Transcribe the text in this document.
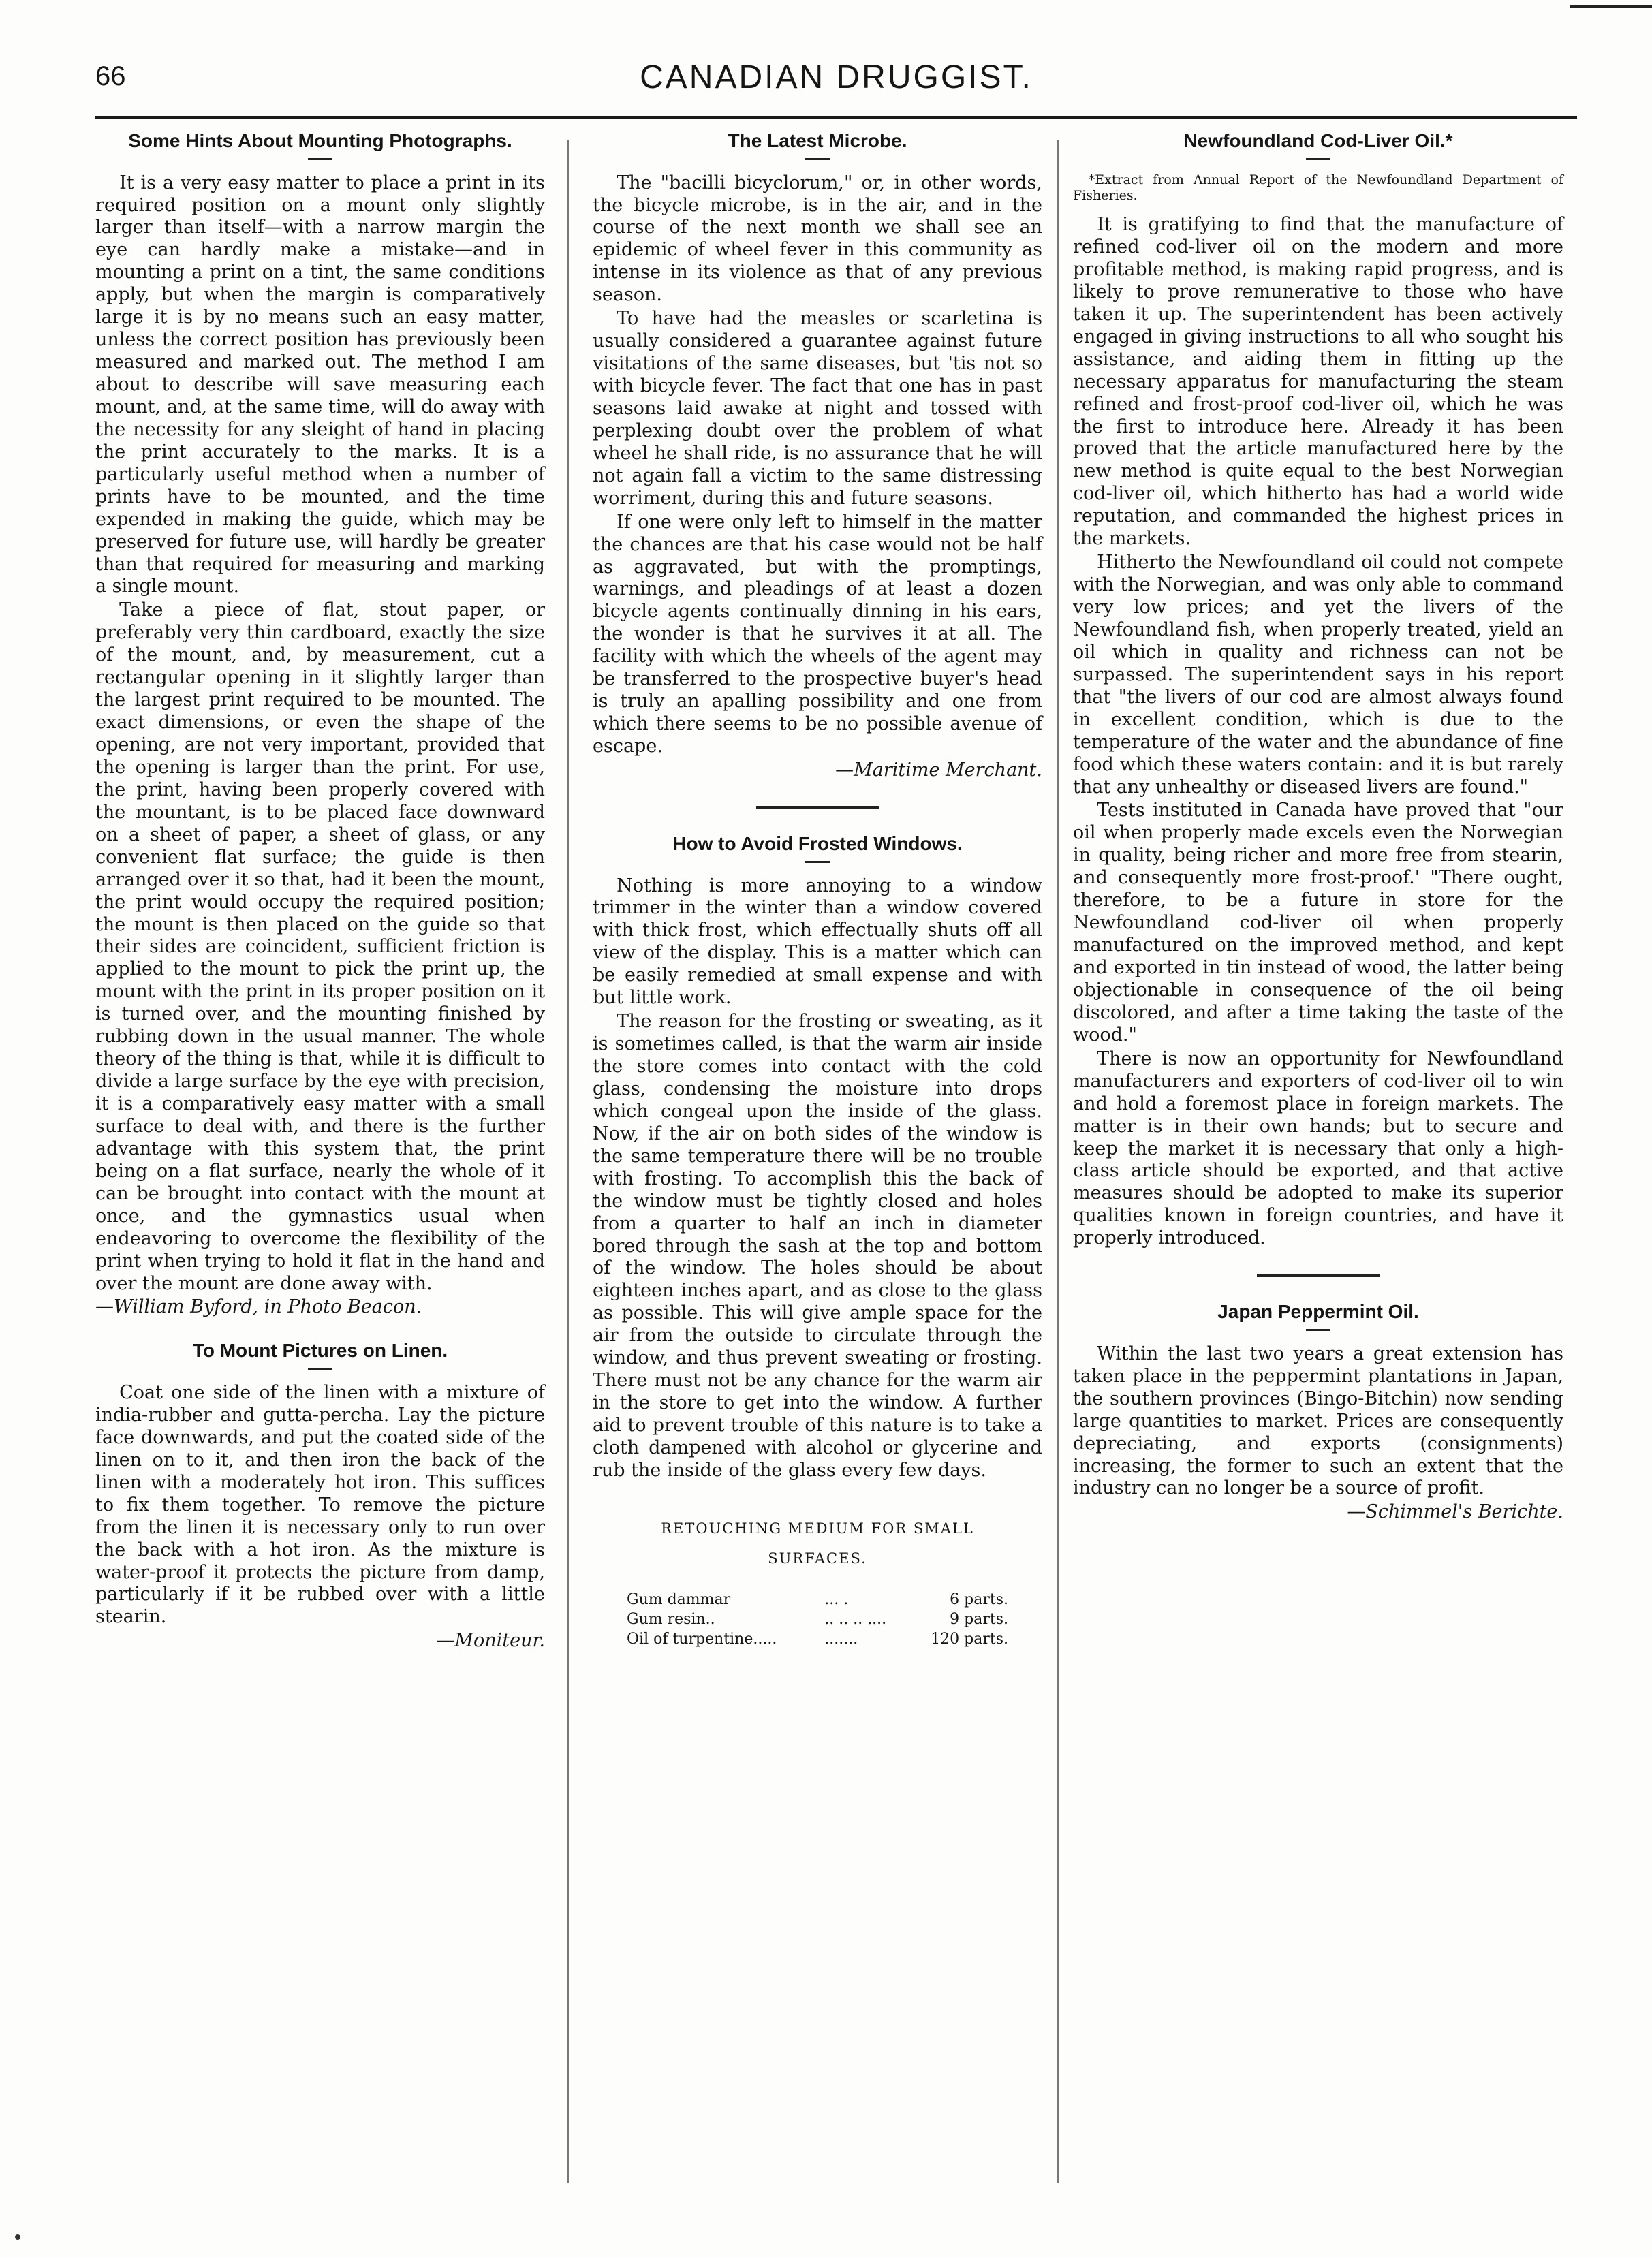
66	CANADIAN DRUGGIST.
Some Hints About Mounting Photographs.

It is a very easy matter to place a print in its required position on a mount only slightly larger than itself—with a narrow margin the eye can hardly make a mistake—and in mounting a print on a tint, the same conditions apply, but when the margin is comparatively large it is by no means such an easy matter, unless the correct position has previously been measured and marked out. The method I am about to describe will save measuring each mount, and, at the same time, will do away with the necessity for any sleight of hand in placing the print accurately to the marks. It is a particularly useful method when a number of prints have to be mounted, and the time expended in making the guide, which may be preserved for future use, will hardly be greater than that required for measuring and marking a single mount.

Take a piece of flat, stout paper, or preferably very thin cardboard, exactly the size of the mount, and, by measurement, cut a rectangular opening in it slightly larger than the largest print required to be mounted. The exact dimensions, or even the shape of the opening, are not very important, provided that the opening is larger than the print. For use, the print, having been properly covered with the mountant, is to be placed face downward on a sheet of paper, a sheet of glass, or any convenient flat surface; the guide is then arranged over it so that, had it been the mount, the print would occupy the required position; the mount is then placed on the guide so that their sides are coincident, sufficient friction is applied to the mount to pick the print up, the mount with the print in its proper position on it is turned over, and the mounting finished by rubbing down in the usual manner. The whole theory of the thing is that, while it is difficult to divide a large surface by the eye with precision, it is a comparatively easy matter with a small surface to deal with, and there is the further advantage with this system that, the print being on a flat surface, nearly the whole of it can be brought into contact with the mount at once, and the gymnastics usual when endeavoring to overcome the flexibility of the print when trying to hold it flat in the hand and over the mount are done away with.

—William Byford, in Photo Beacon.

To Mount Pictures on Linen.

Coat one side of the linen with a mixture of india-rubber and gutta-percha. Lay the picture face downwards, and put the coated side of the linen on to it, and then iron the back of the linen with a moderately hot iron. This suffices to fix them together. To remove the picture from the linen it is necessary only to run over the back with a hot iron. As the mixture is water-proof it protects the picture from damp, particularly if it be rubbed over with a little stearin.

—Moniteur.

The Latest Microbe.

The "bacilli bicyclorum," or, in other words, the bicycle microbe, is in the air, and in the course of the next month we shall see an epidemic of wheel fever in this community as intense in its violence as that of any previous season.

To have had the measles or scarletina is usually considered a guarantee against future visitations of the same diseases, but 'tis not so with bicycle fever. The fact that one has in past seasons laid awake at night and tossed with perplexing doubt over the problem of what wheel he shall ride, is no assurance that he will not again fall a victim to the same distressing worriment, during this and future seasons.

If one were only left to himself in the matter the chances are that his case would not be half as aggravated, but with the promptings, warnings, and pleadings of at least a dozen bicycle agents continually dinning in his ears, the wonder is that he survives it at all. The facility with which the wheels of the agent may be transferred to the prospective buyer's head is truly an apalling possibility and one from which there seems to be no possible avenue of escape.

—Maritime Merchant.

How to Avoid Frosted Windows.

Nothing is more annoying to a window trimmer in the winter than a window covered with thick frost, which effectually shuts off all view of the display. This is a matter which can be easily remedied at small expense and with but little work.

The reason for the frosting or sweating, as it is sometimes called, is that the warm air inside the store comes into contact with the cold glass, condensing the moisture into drops which congeal upon the inside of the glass. Now, if the air on both sides of the window is the same temperature there will be no trouble with frosting. To accomplish this the back of the window must be tightly closed and holes from a quarter to half an inch in diameter bored through the sash at the top and bottom of the window. The holes should be about eighteen inches apart, and as close to the glass as possible. This will give ample space for the air from the outside to circulate through the window, and thus prevent sweating or frosting. There must not be any chance for the warm air in the store to get into the window. A further aid to prevent trouble of this nature is to take a cloth dampened with alcohol or glycerine and rub the inside of the glass every few days.

RETOUCHING MEDIUM FOR SMALL
SURFACES.
Gum dammar	... .	6 parts.
Gum resin..	.. .. .. ....	9 parts.
Oil of turpentine.....	.......	120 parts.
Newfoundland Cod-Liver Oil.*

*Extract from Annual Report of the Newfoundland Department of Fisheries.

It is gratifying to find that the manufacture of refined cod-liver oil on the modern and more profitable method, is making rapid progress, and is likely to prove remunerative to those who have taken it up. The superintendent has been actively engaged in giving instructions to all who sought his assistance, and aiding them in fitting up the necessary apparatus for manufacturing the steam refined and frost-proof cod-liver oil, which he was the first to introduce here. Already it has been proved that the article manufactured here by the new method is quite equal to the best Norwegian cod-liver oil, which hitherto has had a world wide reputation, and commanded the highest prices in the markets.

Hitherto the Newfoundland oil could not compete with the Norwegian, and was only able to command very low prices; and yet the livers of the Newfoundland fish, when properly treated, yield an oil which in quality and richness can not be surpassed. The superintendent says in his report that "the livers of our cod are almost always found in excellent condition, which is due to the temperature of the water and the abundance of fine food which these waters contain: and it is but rarely that any unhealthy or diseased livers are found."

Tests instituted in Canada have proved that "our oil when properly made excels even the Norwegian in quality, being richer and more free from stearin, and consequently more frost-proof.' "There ought, therefore, to be a future in store for the Newfoundland cod-liver oil when properly manufactured on the improved method, and kept and exported in tin instead of wood, the latter being objectionable in consequence of the oil being discolored, and after a time taking the taste of the wood."

There is now an opportunity for Newfoundland manufacturers and exporters of cod-liver oil to win and hold a foremost place in foreign markets. The matter is in their own hands; but to secure and keep the market it is necessary that only a high-class article should be exported, and that active measures should be adopted to make its superior qualities known in foreign countries, and have it properly introduced.

Japan Peppermint Oil.

Within the last two years a great extension has taken place in the peppermint plantations in Japan, the southern provinces (Bingo-Bitchin) now sending large quantities to market. Prices are consequently depreciating, and exports (consignments) increasing, the former to such an extent that the industry can no longer be a source of profit.

—Schimmel's Berichte.
